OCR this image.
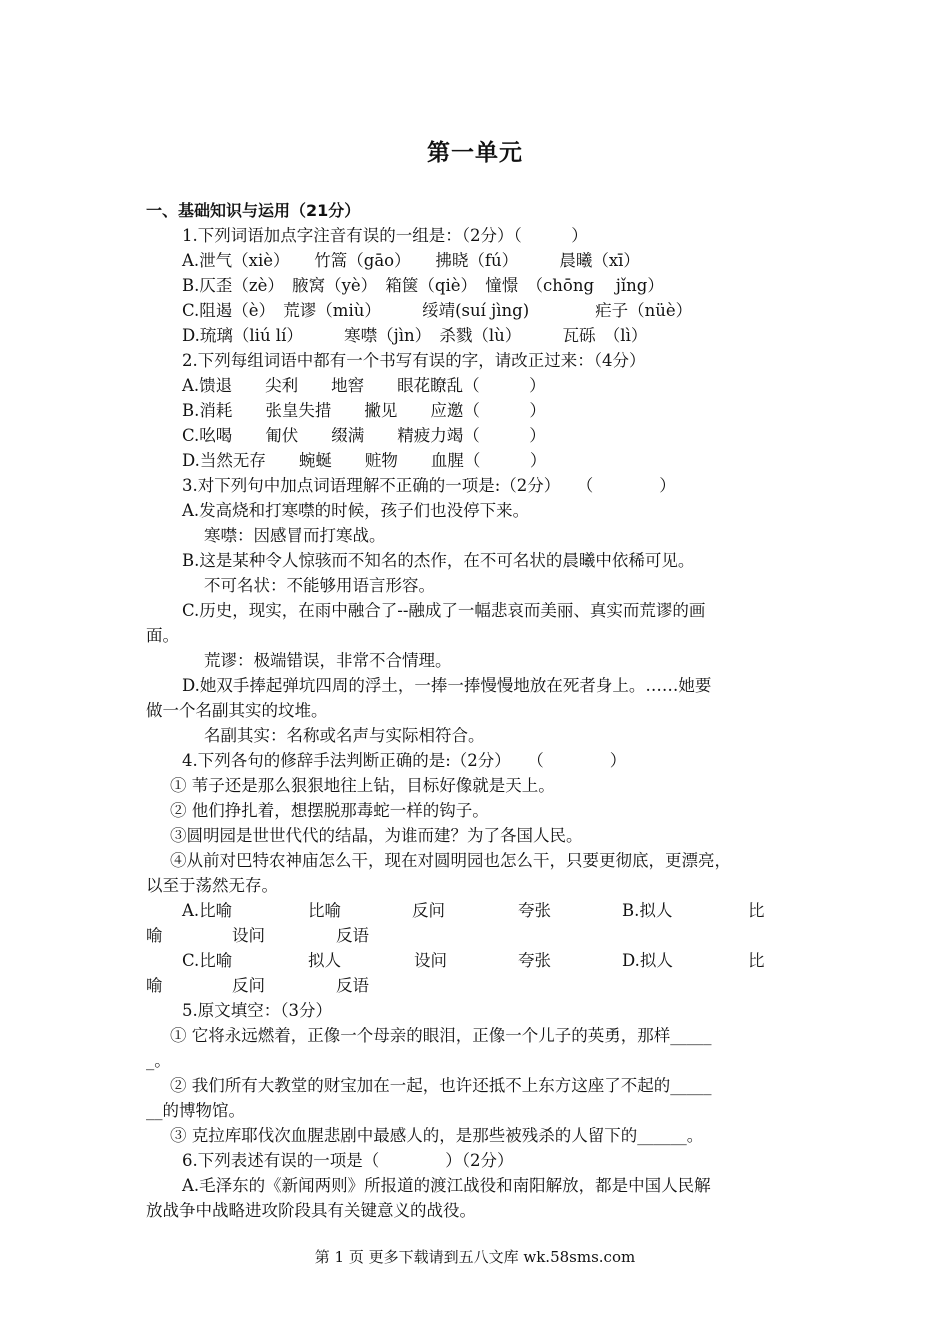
第一单元
一、基础知识与运用（21分）
1.下列词语加点字注音有误的一组是：（2分）（　　　）
A.泄气（xiè）　　竹篙（gāo）　　拂晓（fú）　　　晨曦（xī）
B.仄歪（zè）　腋窝（yè）　箱箧（qiè）　憧憬　（chōng　 jǐng）
C.阻遏（è）　荒谬（miù）　　　绥靖(suí jìng)　　　　疟子（nüè）
D.琉璃（liú lí）　　　寒噤（jìn）　杀戮（lù）　　　瓦砾　（lì）
2.下列每组词语中都有一个书写有误的字，请改正过来：（4分）
A.馈退　　尖利　　地窖　　眼花瞭乱（　　　）
B.消耗　　张皇失措　　撇见　　应邀（　　　）
C.吆喝　　匍伏　　缀满　　精疲力竭（　　　）
D.当然无存　　蜿蜒　　赃物　　血腥（　　　）
3.对下列句中加点词语理解不正确的一项是:（2分）　　（　　　　）
A.发高烧和打寒噤的时候，孩子们也没停下来。
寒噤：因感冒而打寒战。
B.这是某种令人惊骇而不知名的杰作，在不可名状的晨曦中依稀可见。
不可名状：不能够用语言形容。
C.历史，现实，在雨中融合了--融成了一幅悲哀而美丽、真实而荒谬的画
面。
荒谬：极端错误，非常不合情理。
D.她双手捧起弹坑四周的浮土，一捧一捧慢慢地放在死者身上。……她要
做一个名副其实的坟堆。
名副其实：名称或名声与实际相符合。
4.下列各句的修辞手法判断正确的是:（2分）　　（　　　　）
① 苇子还是那么狠狠地往上钻，目标好像就是天上。
② 他们挣扎着，想摆脱那毒蛇一样的钩子。
③圆明园是世世代代的结晶，为谁而建？为了各国人民。
④从前对巴特农神庙怎么干，现在对圆明园也怎么干，只要更彻底，更漂亮，
以至于荡然无存。
A.比喻	比喻	反问	夸张	B.拟人	比
喻	设问	反语
C.比喻	拟人	设问	夸张	D.拟人	比
喻	反问	反语
5.原文填空：（3分）
① 它将永远燃着，正像一个母亲的眼泪，正像一个儿子的英勇，那样_____
_。
② 我们所有大教堂的财宝加在一起，也许还抵不上东方这座了不起的_____
__的博物馆。
③ 克拉库耶伐次血腥悲剧中最感人的，是那些被残杀的人留下的______。
6.下列表述有误的一项是（　　　　）（2分）
A.毛泽东的《新闻两则》所报道的渡江战役和南阳解放，都是中国人民解
放战争中战略进攻阶段具有关键意义的战役。
第 1 页 更多下载请到五八文库 wk.58sms.com
